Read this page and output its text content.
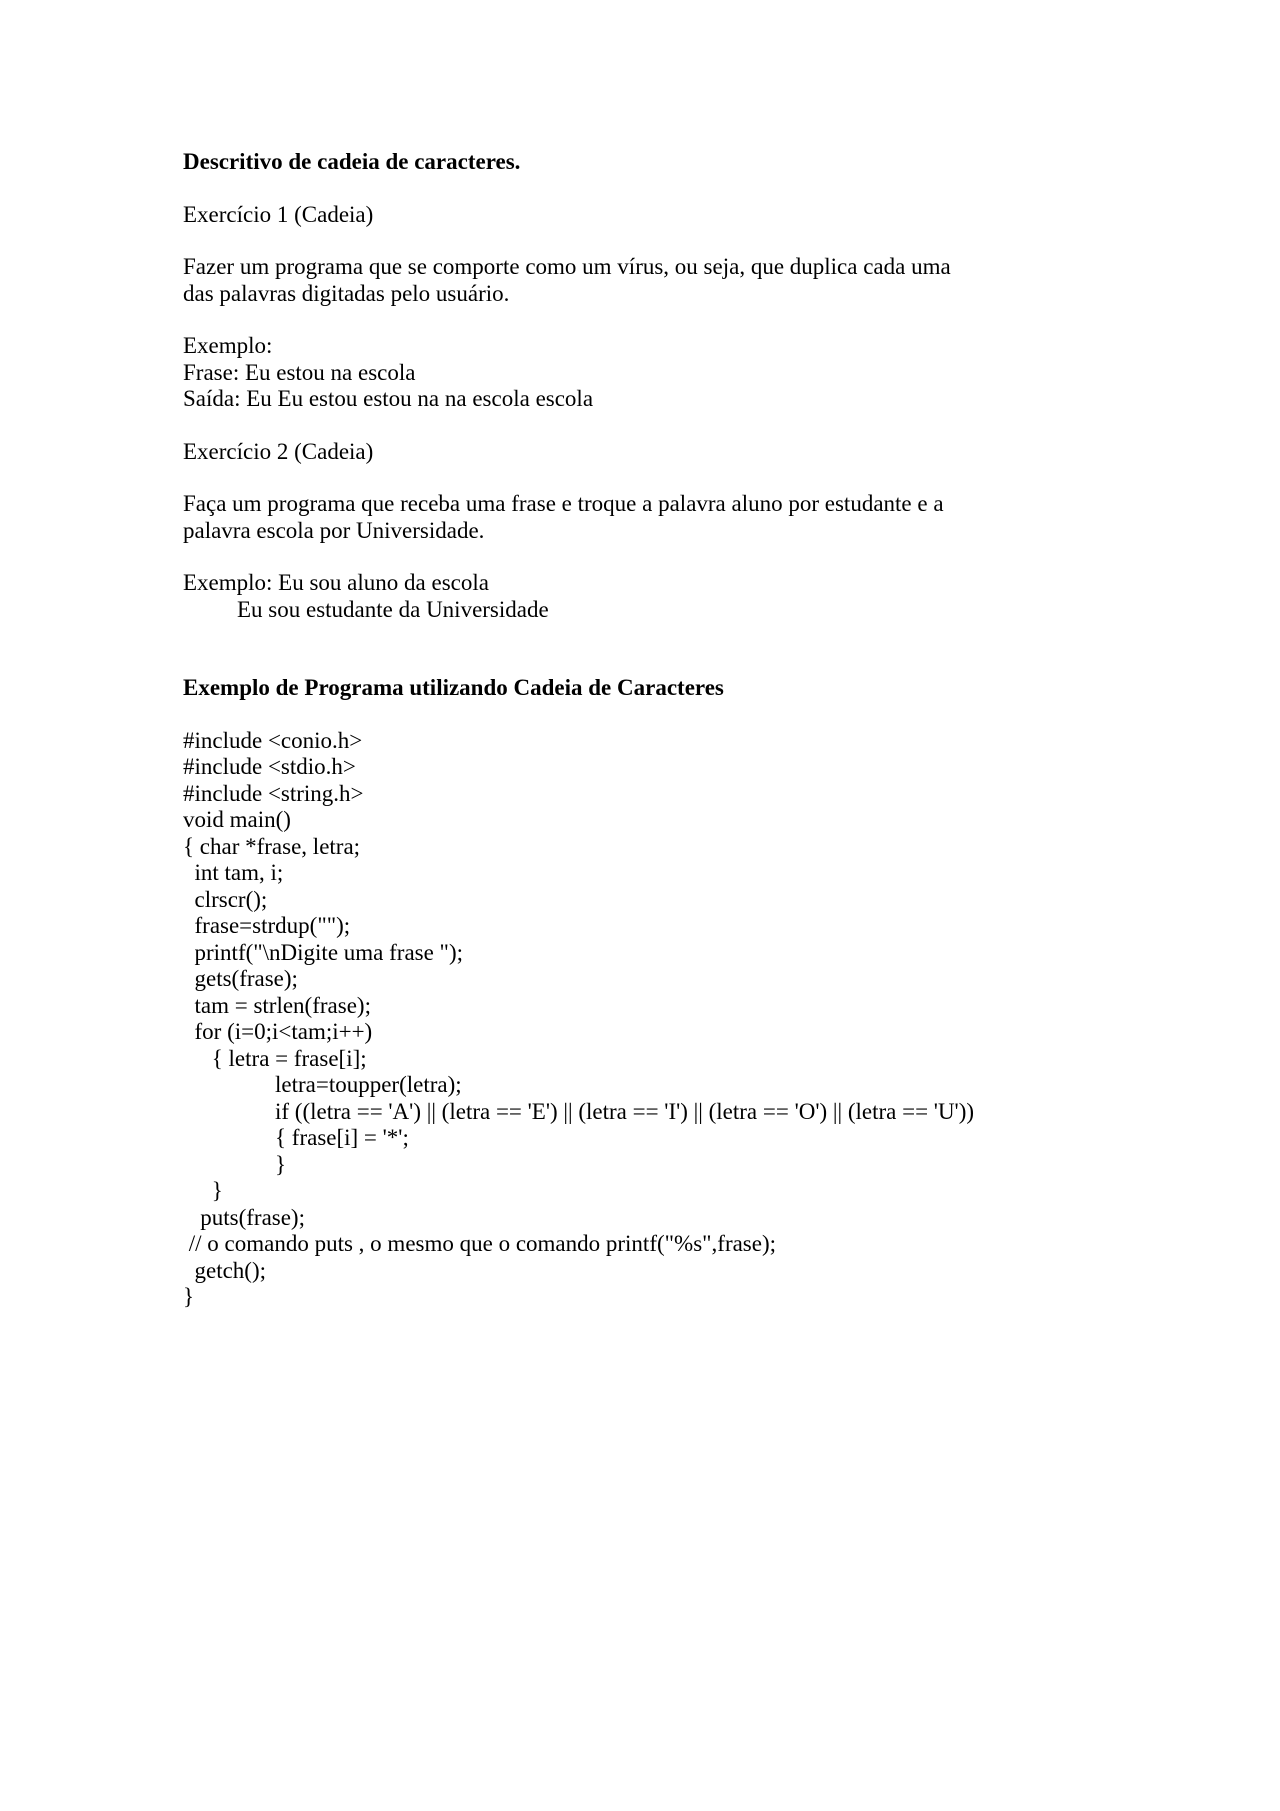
Descritivo de cadeia de caracteres.

Exercício 1 (Cadeia)

Fazer um programa que se comporte como um vírus, ou seja, que duplica cada uma

das palavras digitadas pelo usuário.

Exemplo:

Frase: Eu estou na escola

Saída: Eu Eu estou estou na na escola escola

Exercício 2 (Cadeia)

Faça um programa que receba uma frase e troque a palavra aluno por estudante e a

palavra escola por Universidade.

Exemplo: Eu sou aluno da escola

Eu sou estudante da Universidade

Exemplo de Programa utilizando Cadeia de Caracteres

#include <conio.h>

#include <stdio.h>

#include <string.h>

void main()

{ char *frase, letra;

int tam, i;

clrscr();

frase=strdup("");

printf("\nDigite uma frase ");

gets(frase);

tam = strlen(frase);

for (i=0;i<tam;i++)

{ letra = frase[i];

letra=toupper(letra);

if ((letra == 'A') || (letra == 'E') || (letra == 'I') || (letra == 'O') || (letra == 'U'))

{ frase[i] = '*';

}

}

puts(frase);

// o comando puts , o mesmo que o comando printf("%s",frase);

getch();

}
